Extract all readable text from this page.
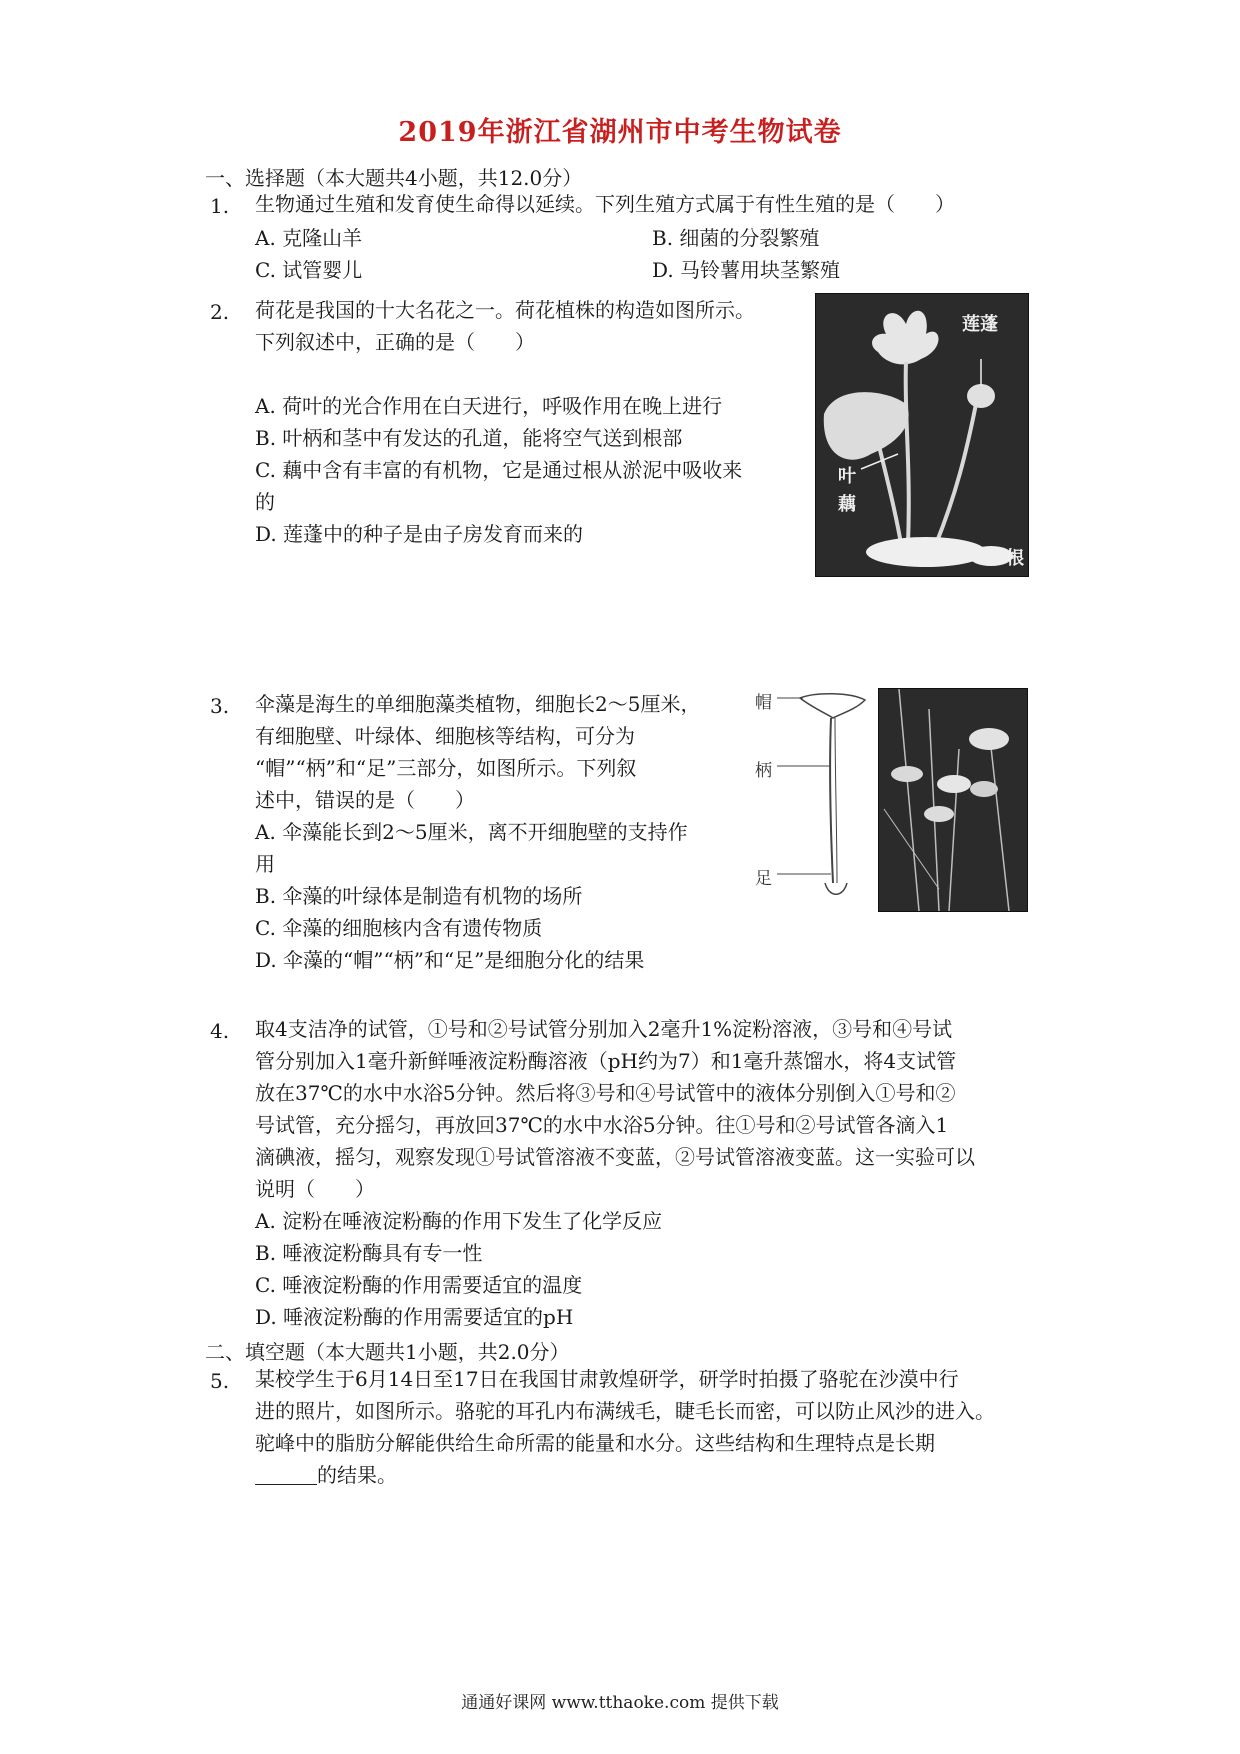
2019年浙江省湖州市中考生物试卷
一、选择题（本大题共4小题，共12.0分）
1. 生物通过生殖和发育使生命得以延续。下列生殖方式属于有性生殖的是（　　）
A. 克隆山羊	B. 细菌的分裂繁殖
C. 试管婴儿	D. 马铃薯用块茎繁殖
2. 荷花是我国的十大名花之一。荷花植株的构造如图所示。
下列叙述中，正确的是（　　）
A. 荷叶的光合作用在白天进行，呼吸作用在晚上进行
B. 叶柄和茎中有发达的孔道，能将空气送到根部
C. 藕中含有丰富的有机物，它是通过根从淤泥中吸收来
的
D. 莲蓬中的种子是由子房发育而来的
莲蓬
叶
藕
根
3. 伞藻是海生的单细胞藻类植物，细胞长2～5厘米，
有细胞壁、叶绿体、细胞核等结构，可分为
“帽”“柄”和“足”三部分，如图所示。下列叙
述中，错误的是（　　）
A. 伞藻能长到2～5厘米，离不开细胞壁的支持作
用
B. 伞藻的叶绿体是制造有机物的场所
C. 伞藻的细胞核内含有遗传物质
D. 伞藻的“帽”“柄”和“足”是细胞分化的结果
帽
柄
足
4. 取4支洁净的试管，①号和②号试管分别加入2毫升1%淀粉溶液，③号和④号试
管分别加入1毫升新鲜唾液淀粉酶溶液（pH约为7）和1毫升蒸馏水，将4支试管
放在37℃的水中水浴5分钟。然后将③号和④号试管中的液体分别倒入①号和②
号试管，充分摇匀，再放回37℃的水中水浴5分钟。往①号和②号试管各滴入1
滴碘液，摇匀，观察发现①号试管溶液不变蓝，②号试管溶液变蓝。这一实验可以
说明（　　）
A. 淀粉在唾液淀粉酶的作用下发生了化学反应
B. 唾液淀粉酶具有专一性
C. 唾液淀粉酶的作用需要适宜的温度
D. 唾液淀粉酶的作用需要适宜的pH
二、填空题（本大题共1小题，共2.0分）
5. 某校学生于6月14日至17日在我国甘肃敦煌研学，研学时拍摄了骆驼在沙漠中行
进的照片，如图所示。骆驼的耳孔内布满绒毛，睫毛长而密，可以防止风沙的进入。
驼峰中的脂肪分解能供给生命所需的能量和水分。这些结构和生理特点是长期
的结果。
通通好课网 www.tthaoke.com 提供下载
